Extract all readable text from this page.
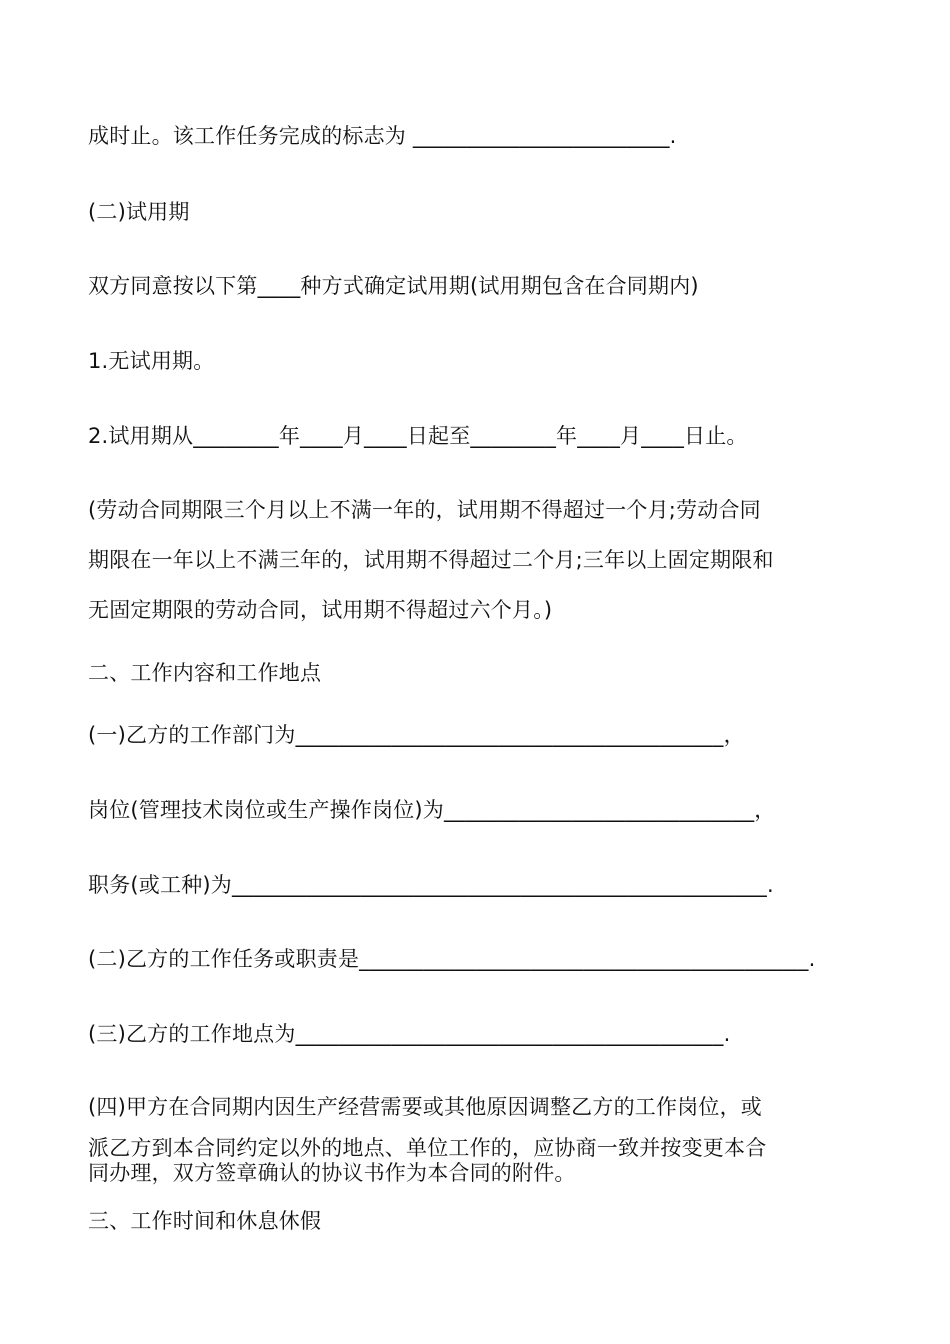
成时止。该工作任务完成的标志为 ________________________.
(二)试用期
双方同意按以下第____种方式确定试用期(试用期包含在合同期内)
1.无试用期。
2.试用期从________年____月____日起至________年____月____日止。
(劳动合同期限三个月以上不满一年的，试用期不得超过一个月;劳动合同
期限在一年以上不满三年的，试用期不得超过二个月;三年以上固定期限和
无固定期限的劳动合同，试用期不得超过六个月。)
二、工作内容和工作地点
(一)乙方的工作部门为________________________________________，
岗位(管理技术岗位或生产操作岗位)为_____________________________，
职务(或工种)为__________________________________________________.
(二)乙方的工作任务或职责是__________________________________________.
(三)乙方的工作地点为________________________________________.
(四)甲方在合同期内因生产经营需要或其他原因调整乙方的工作岗位，或
派乙方到本合同约定以外的地点、单位工作的，应协商一致并按变更本合
同办理，双方签章确认的协议书作为本合同的附件。
三、工作时间和休息休假
